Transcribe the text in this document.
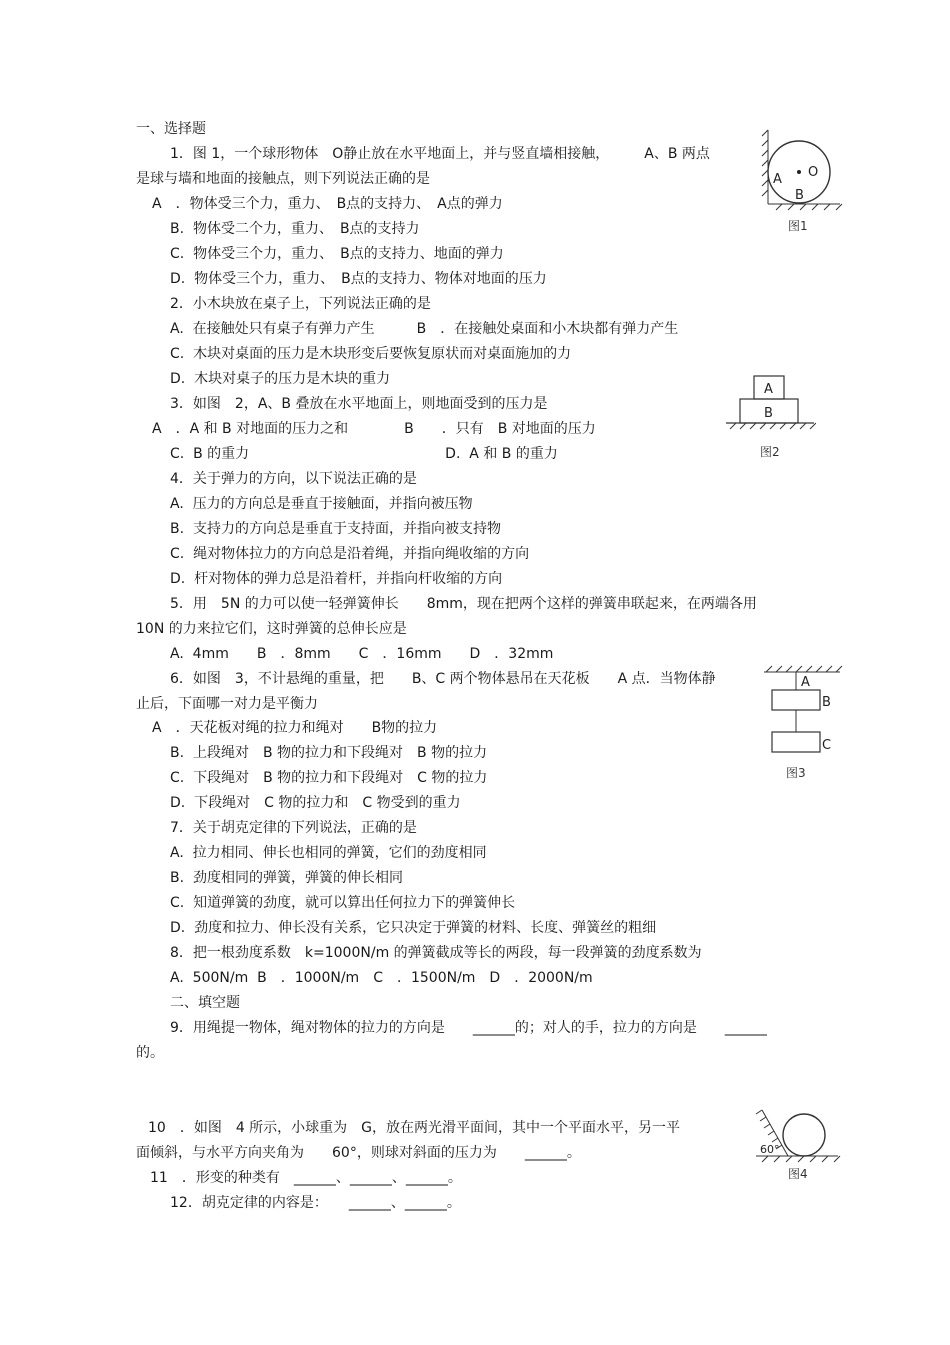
一、选择题
1．图 1，一个球形物体　O静止放在水平地面上，并与竖直墙相接触，　　　A、B 两点
是球与墙和地面的接触点，则下列说法正确的是
A　．物体受三个力，重力、　B点的支持力、　A点的弹力
B.  物体受二个力，重力、　B点的支持力
C.  物体受三个力，重力、　B点的支持力、地面的弹力
D.  物体受三个力，重力、　B点的支持力、物体对地面的压力
2．小木块放在桌子上，下列说法正确的是
A.  在接触处只有桌子有弹力产生　　　B　．在接触处桌面和小木块都有弹力产生
C.  木块对桌面的压力是木块形变后要恢复原状而对桌面施加的力
D.  木块对桌子的压力是木块的重力
3．如图　2，A、B 叠放在水平地面上，则地面受到的压力是
A　．A 和 B 对地面的压力之和　　　　B　　．只有　B 对地面的压力
C.  B 的重力　　　　　　　　　　　　　　D.  A 和 B 的重力
4．关于弹力的方向，以下说法正确的是
A.  压力的方向总是垂直于接触面，并指向被压物
B.  支持力的方向总是垂直于支持面，并指向被支持物
C.  绳对物体拉力的方向总是沿着绳，并指向绳收缩的方向
D.  杆对物体的弹力总是沿着杆，并指向杆收缩的方向
5．用　5N 的力可以使一轻弹簧伸长　　8mm，现在把两个这样的弹簧串联起来，在两端各用
10N 的力来拉它们，这时弹簧的总伸长应是
A.  4mm　　B　．8mm　　C　．16mm　　D　．32mm
6．如图　3，不计悬绳的重量，把　　B、C 两个物体悬吊在天花板　　A 点．当物体静
止后，下面哪一对力是平衡力
A　．天花板对绳的拉力和绳对　　B物的拉力
B.  上段绳对　B 物的拉力和下段绳对　B 物的拉力
C.  下段绳对　B 物的拉力和下段绳对　C 物的拉力
D.  下段绳对　C 物的拉力和　C 物受到的重力
7．关于胡克定律的下列说法，正确的是
A.  拉力相同、伸长也相同的弹簧，它们的劲度相同
B.  劲度相同的弹簧，弹簧的伸长相同
C.  知道弹簧的劲度，就可以算出任何拉力下的弹簧伸长
D.  劲度和拉力、伸长没有关系，它只决定于弹簧的材料、长度、弹簧丝的粗细
8．把一根劲度系数　k=1000N/m 的弹簧截成等长的两段，每一段弹簧的劲度系数为
A.  500N/m  B　．1000N/m　C　．1500N/m　D　．2000N/m
二、填空题
9．用绳提一物体，绳对物体的拉力的方向是　　______的；对人的手，拉力的方向是　　______
的。
10　．如图　4 所示，小球重为　G，放在两光滑平面间，其中一个平面水平，另一平
面倾斜，与水平方向夹角为　　60°，则球对斜面的压力为　　______。
11　．形变的种类有　______、______、______。
12．胡克定律的内容是：　　______、______。
A O
B
图1
A
B
图2
A
B
C
图3
60°
图4
